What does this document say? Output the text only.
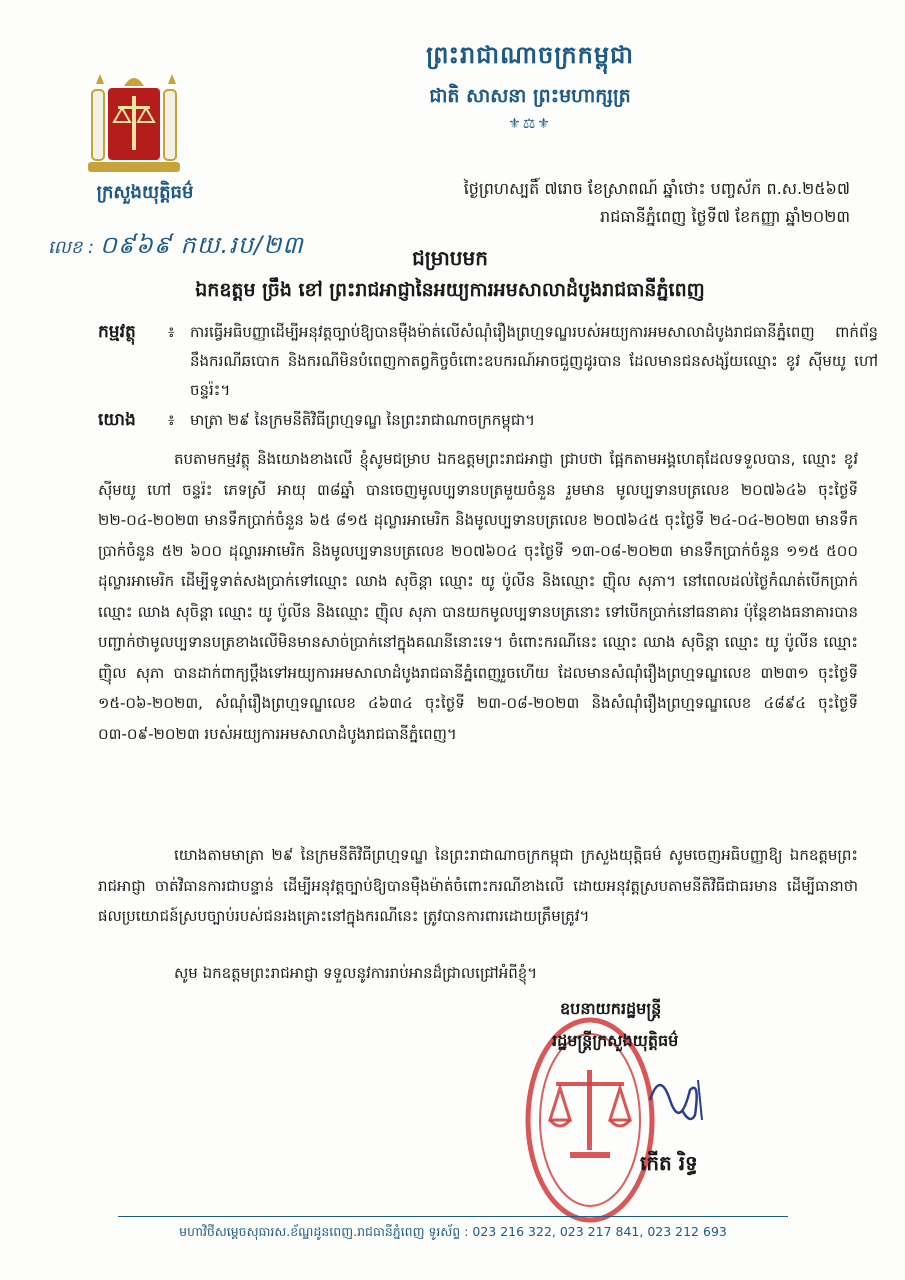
ព្រះរាជាណាចក្រកម្ពុជា
ជាតិ សាសនា ព្រះមហាក្សត្រ
⚜⚖⚜
ក្រសួងយុត្តិធម៌
លេខ : ០៩៦៩ កយ.រប/២៣
ថ្ងៃព្រហស្បតិ៍ ៧រោច ខែស្រាពណ៍ ឆ្នាំថោះ បញ្ចស័ក ព.ស.២៥៦៧
រាជធានីភ្នំពេញ ថ្ងៃទី៧ ខែកញ្ញា ឆ្នាំ២០២៣
ជម្រាបមក
ឯកឧត្តម ច្រឹង ខៅ ព្រះរាជអាជ្ញានៃអយ្យការអមសាលាដំបូងរាជធានីភ្នំពេញ
កម្មវត្ថុ ៖ ការធ្វើអធិបញ្ញាដើម្បីអនុវត្តច្បាប់ឱ្យបានម៉ឺងម៉ាត់លើសំណុំរឿងព្រហ្មទណ្ឌរបស់អយ្យការអមសាលាដំបូងរាជធានីភ្នំពេញ ពាក់ព័ន្ធនឹងករណីឆបោក និងករណីមិនបំពេញកាតព្វកិច្ចចំពោះឧបករណ៍អាចជួញដូរបាន ដែលមានជនសង្ស័យឈ្មោះ ខូវ ស៊ីមយូ ហៅ ចន្ទរ៉ះ។
យោង ៖ មាត្រា ២៩ នៃក្រមនីតិវិធីព្រហ្មទណ្ឌ នៃព្រះរាជាណាចក្រកម្ពុជា។
តបតាមកម្មវត្ថុ និងយោងខាងលើ ខ្ញុំសូមជម្រាប ឯកឧត្តមព្រះរាជអាជ្ញា ជ្រាបថា ផ្អែកតាមអង្គហេតុដែលទទួលបាន, ឈ្មោះ ខូវ ស៊ីមយូ ហៅ ចន្ទរ៉ះ ភេទស្រី អាយុ ៣៨ឆ្នាំ បានចេញមូលប្បទានបត្រមួយចំនួន រួមមាន មូលប្បទានបត្រលេខ ២០៧៦៤៦ ចុះថ្ងៃទី ២២-០៤-២០២៣ មានទឹកប្រាក់ចំនួន ៦៥ ៨១៥ ដុល្លារអាមេរិក និងមូលប្បទានបត្រលេខ ២០៧៦៤៥ ចុះថ្ងៃទី ២៤-០៤-២០២៣ មានទឹកប្រាក់ចំនួន ៥២ ៦០០ ដុល្លារអាមេរិក និងមូលប្បទានបត្រលេខ ២០៧៦០៤ ចុះថ្ងៃទី ១៣-០៨-២០២៣ មានទឹកប្រាក់ចំនួន ១១៥ ៥០០ ដុល្លារអាមេរិក ដើម្បីទូទាត់សងប្រាក់ទៅឈ្មោះ ឈាង សុចិន្តា ឈ្មោះ យូ ប៉ូលីន និងឈ្មោះ ញ៉ិល សុភា។ នៅពេលដល់ថ្ងៃកំណត់បើកប្រាក់ ឈ្មោះ ឈាង សុចិន្តា ឈ្មោះ យូ ប៉ូលីន និងឈ្មោះ ញ៉ិល សុភា បានយកមូលប្បទានបត្រនោះ ទៅបើកប្រាក់នៅធនាគារ ប៉ុន្តែខាងធនាគារបានបញ្ជាក់ថាមូលប្បទានបត្រខាងលើមិនមានសាច់ប្រាក់នៅក្នុងគណនីនោះទេ។ ចំពោះករណីនេះ ឈ្មោះ ឈាង សុចិន្តា ឈ្មោះ យូ ប៉ូលីន ឈ្មោះ ញ៉ិល សុភា បានដាក់ពាក្យប្តឹងទៅអយ្យការអមសាលាដំបូងរាជធានីភ្នំពេញរួចហើយ ដែលមានសំណុំរឿងព្រហ្មទណ្ឌលេខ ៣២៣១ ចុះថ្ងៃទី ១៥-០៦-២០២៣, សំណុំរឿងព្រហ្មទណ្ឌលេខ ៤៦៣៤ ចុះថ្ងៃទី ២៣-០៨-២០២៣ និងសំណុំរឿងព្រហ្មទណ្ឌលេខ ៤៨៩៤ ចុះថ្ងៃទី ០៣-០៩-២០២៣ របស់អយ្យការអមសាលាដំបូងរាជធានីភ្នំពេញ។
យោងតាមមាត្រា ២៩ នៃក្រមនីតិវិធីព្រហ្មទណ្ឌ នៃព្រះរាជាណាចក្រកម្ពុជា ក្រសួងយុត្តិធម៌ សូមចេញអធិបញ្ញាឱ្យ ឯកឧត្តមព្រះរាជអាជ្ញា ចាត់វិធានការជាបន្ទាន់ ដើម្បីអនុវត្តច្បាប់ឱ្យបានម៉ឺងម៉ាត់ចំពោះករណីខាងលើ ដោយអនុវត្តស្របតាមនីតិវិធីជាធរមាន ដើម្បីធានាថា ផលប្រយោជន៍ស្របច្បាប់របស់ជនរងគ្រោះនៅក្នុងករណីនេះ ត្រូវបានការពារដោយត្រឹមត្រូវ។
សូម ឯកឧត្តមព្រះរាជអាជ្ញា ទទួលនូវការរាប់អានដ៏ជ្រាលជ្រៅអំពីខ្ញុំ។
ឧបនាយករដ្ឋមន្ត្រី
រដ្ឋមន្ត្រីក្រសួងយុត្តិធម៌
កើត រិទ្ធ
មហាវិថីសម្តេចសុធារស.ខ័ណ្ឌដូនពេញ.រាជធានីភ្នំពេញ ទូរស័ព្ទ : 023 216 322, 023 217 841, 023 212 693
